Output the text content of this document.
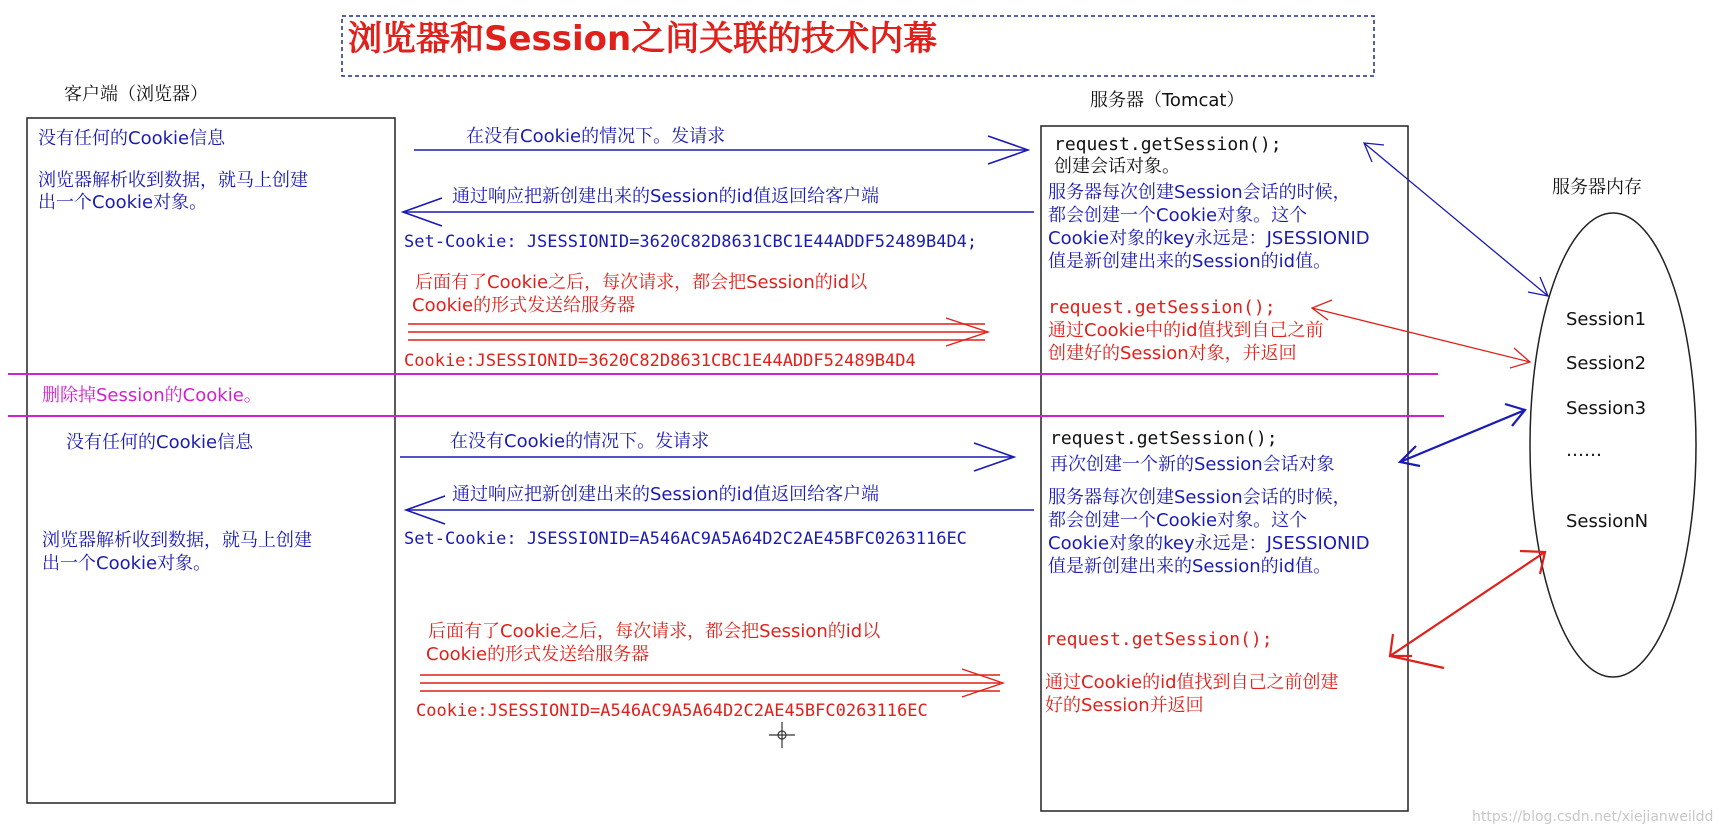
浏览器和Session之间关联的技术内幕
客户端（浏览器）	服务器（Tomcat）
服务器内存
Session1
Session2
Session3
……
SessionN
没有任何的Cookie信息
浏览器解析收到数据，就马上创建
出一个Cookie对象。
在没有Cookie的情况下。发请求
通过响应把新创建出来的Session的id值返回给客户端
Set-Cookie: JSESSIONID=3620C82D8631CBC1E44ADDF52489B4D4;
后面有了Cookie之后，每次请求，都会把Session的id以
Cookie的形式发送给服务器
Cookie:JSESSIONID=3620C82D8631CBC1E44ADDF52489B4D4
request.getSession();
创建会话对象。
服务器每次创建Session会话的时候，
都会创建一个Cookie对象。这个
Cookie对象的key永远是：JSESSIONID
值是新创建出来的Session的id值。
request.getSession();
通过Cookie中的id值找到自己之前
创建好的Session对象，并返回
删除掉Session的Cookie。
没有任何的Cookie信息
浏览器解析收到数据，就马上创建
出一个Cookie对象。
在没有Cookie的情况下。发请求
通过响应把新创建出来的Session的id值返回给客户端
Set-Cookie: JSESSIONID=A546AC9A5A64D2C2AE45BFC0263116EC
后面有了Cookie之后，每次请求，都会把Session的id以
Cookie的形式发送给服务器
Cookie:JSESSIONID=A546AC9A5A64D2C2AE45BFC0263116EC
request.getSession();
再次创建一个新的Session会话对象
服务器每次创建Session会话的时候，
都会创建一个Cookie对象。这个
Cookie对象的key永远是：JSESSIONID
值是新创建出来的Session的id值。
request.getSession();
通过Cookie的id值找到自己之前创建
好的Session并返回
https://blog.csdn.net/xiejianweildd
